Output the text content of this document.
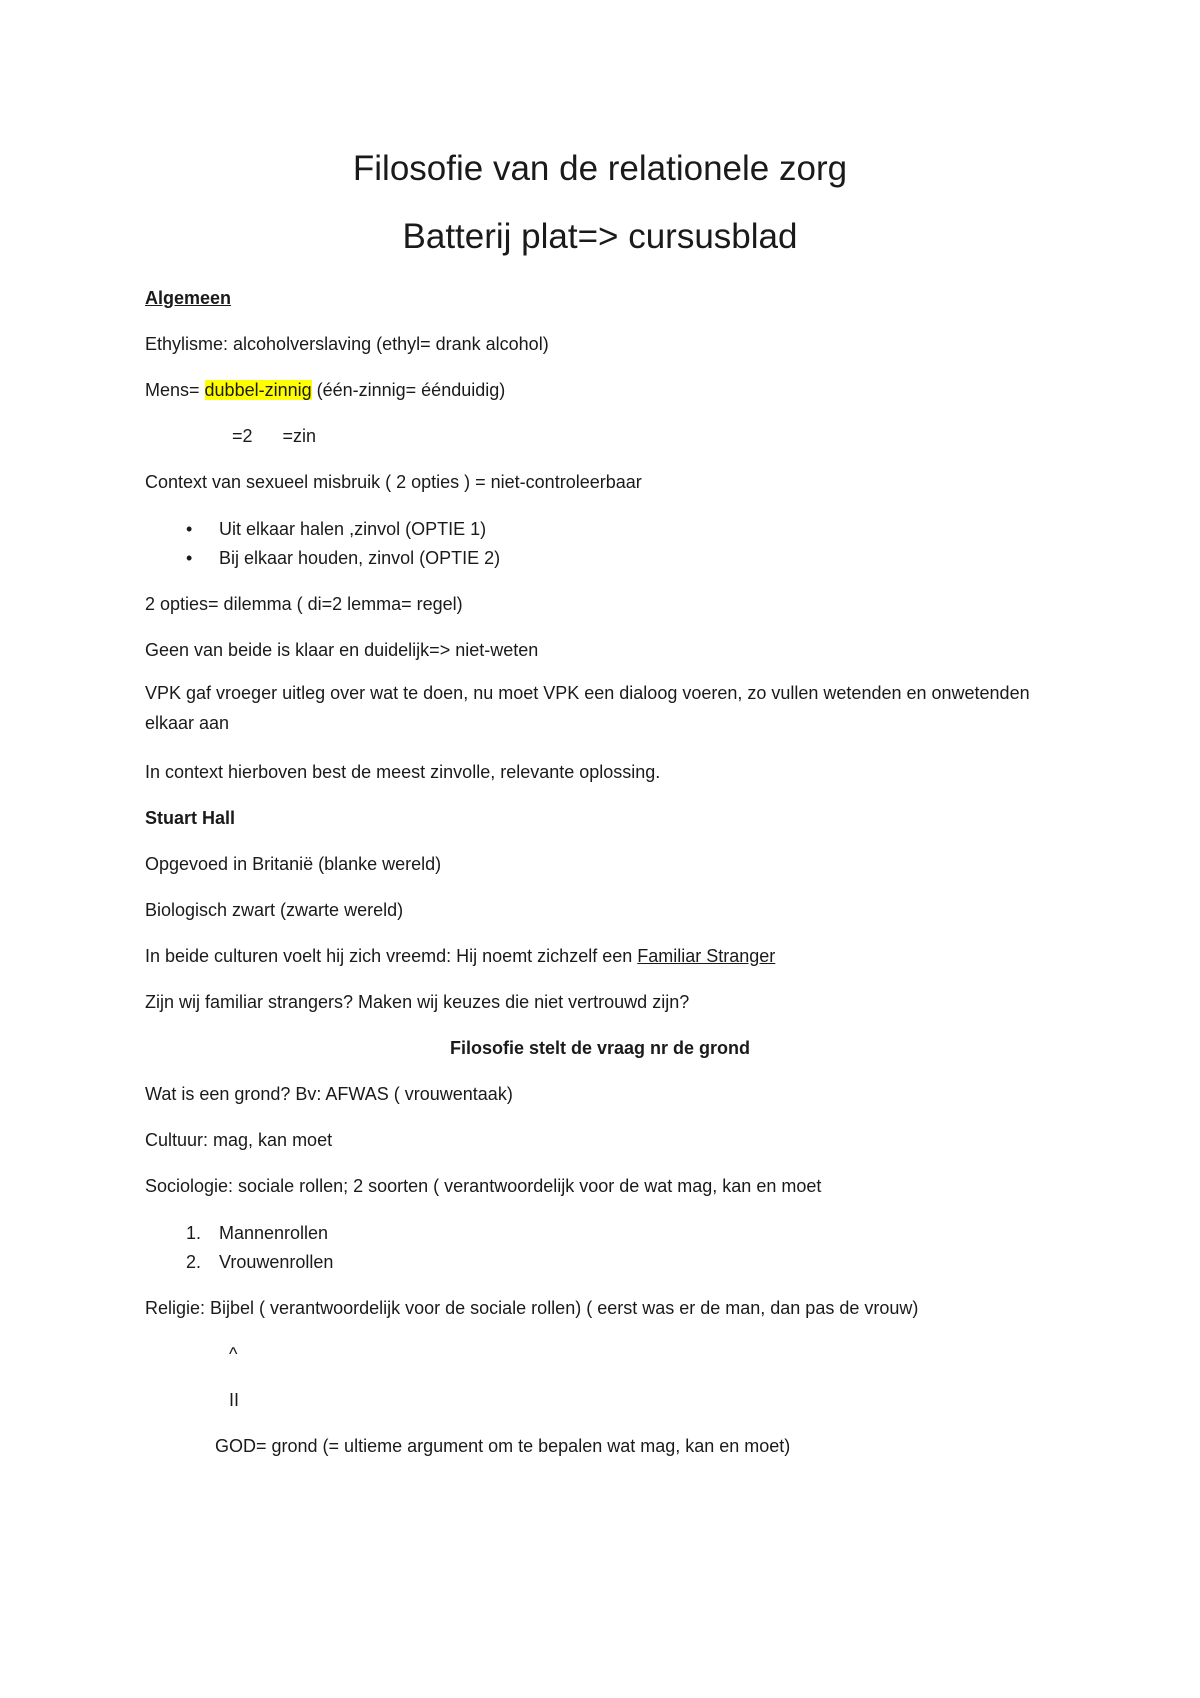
Filosofie van de relationele zorg
Batterij plat=> cursusblad
Algemeen
Ethylisme: alcoholverslaving (ethyl= drank alcohol)
Mens= dubbel-zinnig (één-zinnig= éénduidig)
=2      =zin
Context van sexueel misbruik ( 2 opties ) = niet-controleerbaar
• Uit elkaar halen ,zinvol (OPTIE 1)
• Bij elkaar houden, zinvol (OPTIE 2)
2 opties= dilemma ( di=2 lemma= regel)
Geen van beide is klaar en duidelijk=> niet-weten
VPK gaf vroeger uitleg over wat te doen, nu moet VPK een dialoog voeren, zo vullen wetenden en onwetenden elkaar aan
In context hierboven best de meest zinvolle, relevante oplossing.
Stuart Hall
Opgevoed in Britanië (blanke wereld)
Biologisch zwart (zwarte wereld)
In beide culturen voelt hij zich vreemd: Hij noemt zichzelf een Familiar Stranger
Zijn wij familiar strangers? Maken wij keuzes die niet vertrouwd zijn?
Filosofie stelt de vraag nr de grond
Wat is een grond? Bv: AFWAS ( vrouwentaak)
Cultuur: mag, kan moet
Sociologie: sociale rollen; 2 soorten ( verantwoordelijk voor de wat mag, kan en moet
1. Mannenrollen
2. Vrouwenrollen
Religie: Bijbel ( verantwoordelijk voor de sociale rollen) ( eerst was er de man, dan pas de vrouw)
^
II
GOD= grond (= ultieme argument om te bepalen wat mag, kan en moet)
